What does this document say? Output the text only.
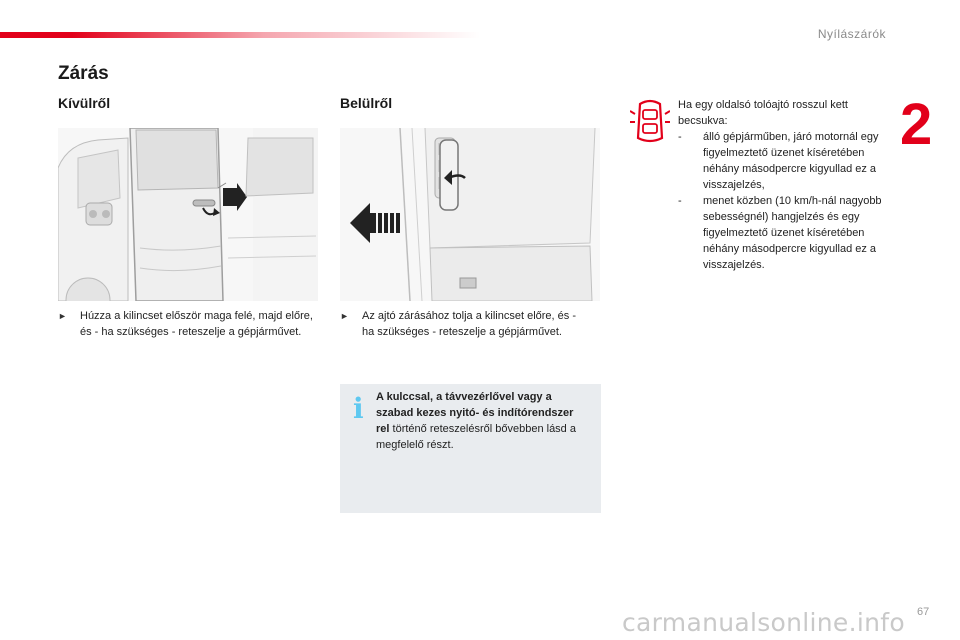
Nyílászárók
2
Zárás
Kívülről
►	Húzza a kilincset először maga felé, majd előre, és - ha szükséges - reteszelje a gépjárművet.
Belülről
►	Az ajtó zárásához tolja a kilincset előre, és - ha szükséges - reteszelje a gépjárművet.
i A kulccsal, a távvezérlővel vagy a szabad kezes nyitó- és indítórendszer rel történő reteszelésről bővebben lásd a megfelelő részt.
Ha egy oldalsó tolóajtó rosszul kett becsukva:
- álló gépjárműben, járó motornál egy figyelmeztető üzenet kíséretében néhány másodpercre kigyullad ez a visszajelzés,
- menet közben (10 km/h-nál nagyobb sebességnél) hangjelzés és egy figyelmeztető üzenet kíséretében néhány másodpercre kigyullad ez a visszajelzés.
carmanualsonline.info 67
